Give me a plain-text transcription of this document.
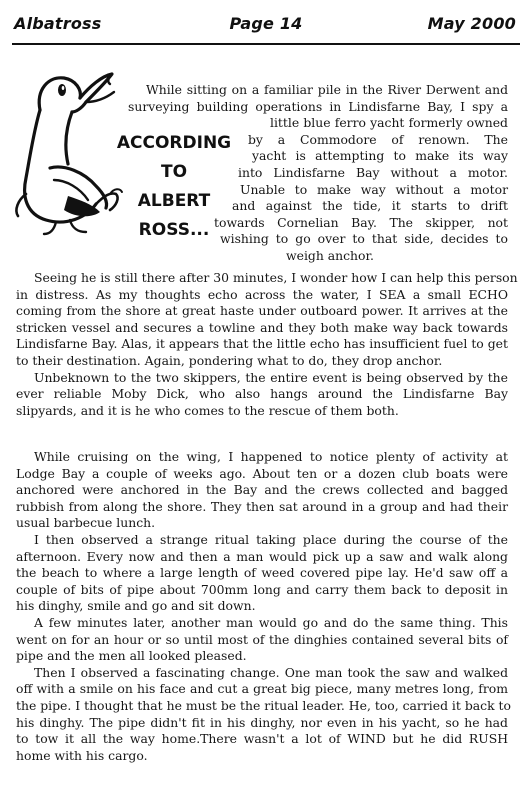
Albatross	Page 14	May 2000
ACCORDING
TO
ALBERT
ROSS...
While sitting on a familiar pile in the River Derwent and
surveying building operations in Lindisfarne Bay, I spy a
little blue ferro yacht formerly owned
by a Commodore of renown. The
yacht is attempting to make its way
into Lindisfarne Bay without a motor.
Unable to make way without a motor
and against the tide, it starts to drift
towards Cornelian Bay. The skipper, not
wishing to go over to that side, decides to
weigh anchor.
Seeing he is still there after 30 minutes, I wonder how I can help this person
in distress. As my thoughts echo across the water, I SEA a small ECHO
coming from the shore at great haste under outboard power. It arrives at the
stricken vessel and secures a towline and they both make way back towards
Lindisfarne Bay. Alas, it appears that the little echo has insufficient fuel to get
to their destination. Again, pondering what to do, they drop anchor.
Unbeknown to the two skippers, the entire event is being observed by the
ever reliable Moby Dick, who also hangs around the Lindisfarne Bay
slipyards, and it is he who comes to the rescue of them both.
While cruising on the wing, I happened to notice plenty of activity at
Lodge Bay a couple of weeks ago. About ten or a dozen club boats were
anchored were anchored in the Bay and the crews collected and bagged
rubbish from along the shore. They then sat around in a group and had their
usual barbecue lunch.
I then observed a strange ritual taking place during the course of the
afternoon. Every now and then a man would pick up a saw and walk along
the beach to where a large length of weed covered pipe lay. He'd saw off a
couple of bits of pipe about 700mm long and carry them back to deposit in
his dinghy, smile and go and sit down.
A few minutes later, another man would go and do the same thing. This
went on for an hour or so until most of the dinghies contained several bits of
pipe and the men all looked pleased.
Then I observed a fascinating change. One man took the saw and walked
off with a smile on his face and cut a great big piece, many metres long, from
the pipe. I thought that he must be the ritual leader. He, too, carried it back to
his dinghy. The pipe didn't fit in his dinghy, nor even in his yacht, so he had
to tow it all the way home.There wasn't a lot of WIND but he did RUSH
home with his cargo.
